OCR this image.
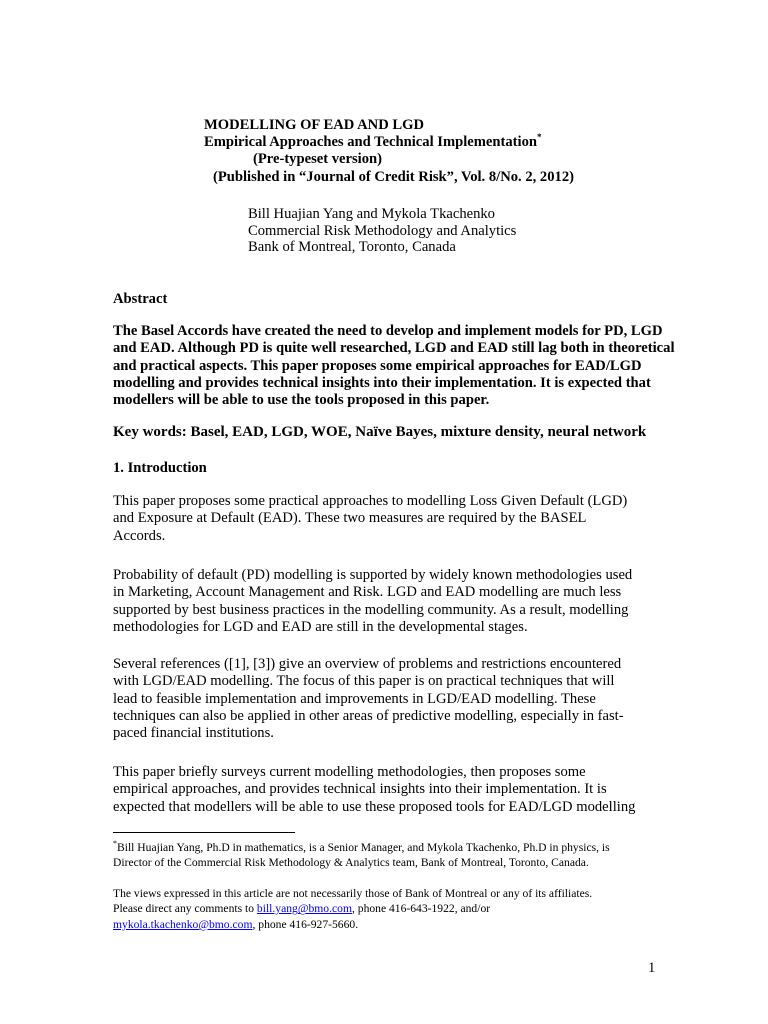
MODELLING OF EAD AND LGD
Empirical Approaches and Technical Implementation*
(Pre-typeset version)
(Published in “Journal of Credit Risk”, Vol. 8/No. 2, 2012)
Bill Huajian Yang and Mykola Tkachenko
Commercial Risk Methodology and Analytics
Bank of Montreal, Toronto, Canada
Abstract
The Basel Accords have created the need to develop and implement models for PD, LGD
and EAD. Although PD is quite well researched, LGD and EAD still lag both in theoretical
and practical aspects. This paper proposes some empirical approaches for EAD/LGD
modelling and provides technical insights into their implementation. It is expected that
modellers will be able to use the tools proposed in this paper.
Key words: Basel, EAD, LGD, WOE, Naïve Bayes, mixture density, neural network
1. Introduction
This paper proposes some practical approaches to modelling Loss Given Default (LGD)
and Exposure at Default (EAD). These two measures are required by the BASEL
Accords.
Probability of default (PD) modelling is supported by widely known methodologies used
in Marketing, Account Management and Risk. LGD and EAD modelling are much less
supported by best business practices in the modelling community. As a result, modelling
methodologies for LGD and EAD are still in the developmental stages.
Several references ([1], [3]) give an overview of problems and restrictions encountered
with LGD/EAD modelling. The focus of this paper is on practical techniques that will
lead to feasible implementation and improvements in LGD/EAD modelling. These
techniques can also be applied in other areas of predictive modelling, especially in fast-
paced financial institutions.
This paper briefly surveys current modelling methodologies, then proposes some
empirical approaches, and provides technical insights into their implementation. It is
expected that modellers will be able to use these proposed tools for EAD/LGD modelling
*Bill Huajian Yang, Ph.D in mathematics, is a Senior Manager, and Mykola Tkachenko, Ph.D in physics, is
Director of the Commercial Risk Methodology & Analytics team, Bank of Montreal, Toronto, Canada.
The views expressed in this article are not necessarily those of Bank of Montreal or any of its affiliates.
Please direct any comments to bill.yang@bmo.com, phone 416-643-1922, and/or
mykola.tkachenko@bmo.com, phone 416-927-5660.
1
